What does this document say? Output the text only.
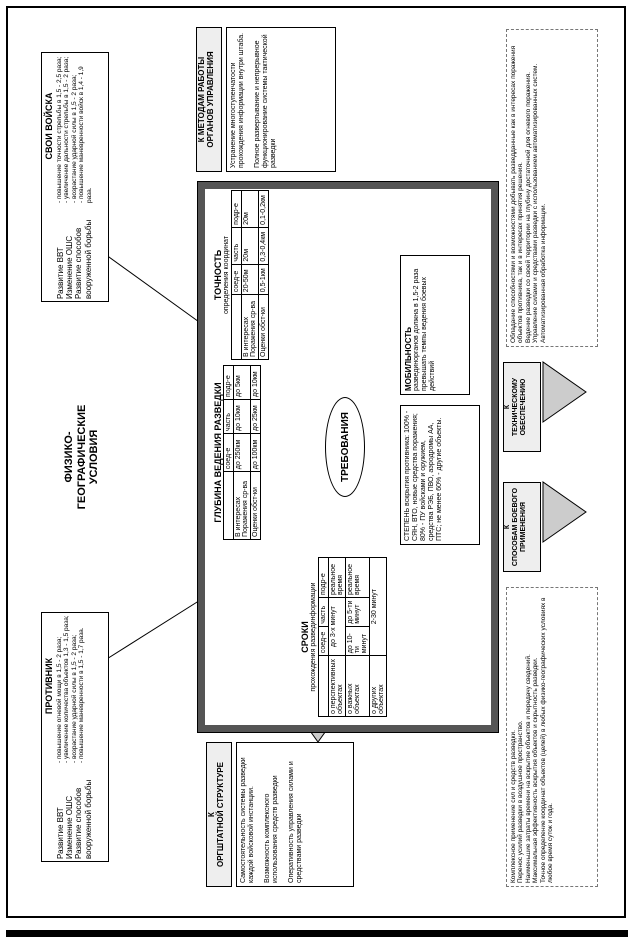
ПРОТИВНИК
Развитие ВВТ
Изменение ОШС
Развитие способов
вооруженной борьбы
- повышение огневой мощи в 1,5 - 2 раза;
- увеличение количества объектов 1,3 - 1,5 раза;
- возрастание ударной силы в 1,5 - 2 раза;
- повышение маневренности в 1,5 - 1,7 раза.
ФИЗИКО-
ГЕОГРАФИЧЕСКИЕ
УСЛОВИЯ
СВОИ ВОЙСКА
Развитие ВВТ
Изменение ОШС
Развитие способов
вооруженной борьбы
- повышение точности стрельбы в 1,5 - 2,5 раза;
- увеличение дальности стрельбы в 1,5 - 2 раза;
- возрастание ударной силы в 1,5 - 2 раза;
- повышение маневренности войск в 1,4 - 1,9 раза.
К
ОРГШТАТНОЙ СТРУКТУРЕ
Самостоятельность системы разведки каждой войсковой инстанции.

Возможность комплексного использования средств разведки

Оперативность управления силами и средствами разведки
К МЕТОДАМ РАБОТЫ
ОРГАНОВ УПРАВЛЕНИЯ
Устранение многоступенчатости прохождения информации внутри штаба.

Полное развертывание и непрерывное функционирование системы тактической разведки
СРОКИ прохождения развединформации
	соед-е	часть	подр-е
о перспективных объектах	до 3-х минут		реальное время
о важных объектах	до 10-ти минут	до 5-ти минут	реальное время
о других объектах	2-30 минут		
ГЛУБИНА ВЕДЕНИЯ РАЗВЕДКИ
	соед-е	часть	подр-е
В интересах
Поражения ср-ва	до 250км	до 10км	до 5км
Оценки обст-ки	до 100км	до 25км	до 10км
ТОЧНОСТЬ определения координат
	соед-е	часть	подр-е
В интересах
Поражения ср-ва	20-50м	20м	20м
Оценки обст-ки	0,5-1км	0,3-0,4км	0,1-0,2км
ТРЕБОВАНИЯ	СТЕПЕНЬ вскрытия противника: 100% - СЯН, ВТО, новые средства поражения; 80% - ПУ войсками и оружием, средства РЭБ, ПВО, аэродромы АА, ПТС; не менее 60% - другие объекты.
МОБИЛЬНОСТЬ развединорганов должна в 1,5-2 раза превышать темпы ведения боевых действий
К
СПОСОБАМ БОЕВОГО
ПРИМЕНЕНИЯ
К
ТЕХНИЧЕСКОМУ
ОБЕСПЕЧЕНИЮ
Комплексное применение сил и средств разведки.
Перенос усилий разведки в воздушное пространство.
Наименьшие затраты времени на вскрытие объектов и передачу сведений.
Максимальная эффективность вскрытия объектов и скрытность разведки.
Точное определение координат объектов (целей) в любых физико-географических условиях в любое время суток и года.
Обладание способностями и возможностями добывать разведданные как в интересах поражения объектов противника, так и в интересах принятия решения.
Ведение разведки со своей территории на глубину достаточной для огневого поражения.
Управление силами и средствами разведки с использованием автоматизированных систем.
Автоматизированная обработка информации.
